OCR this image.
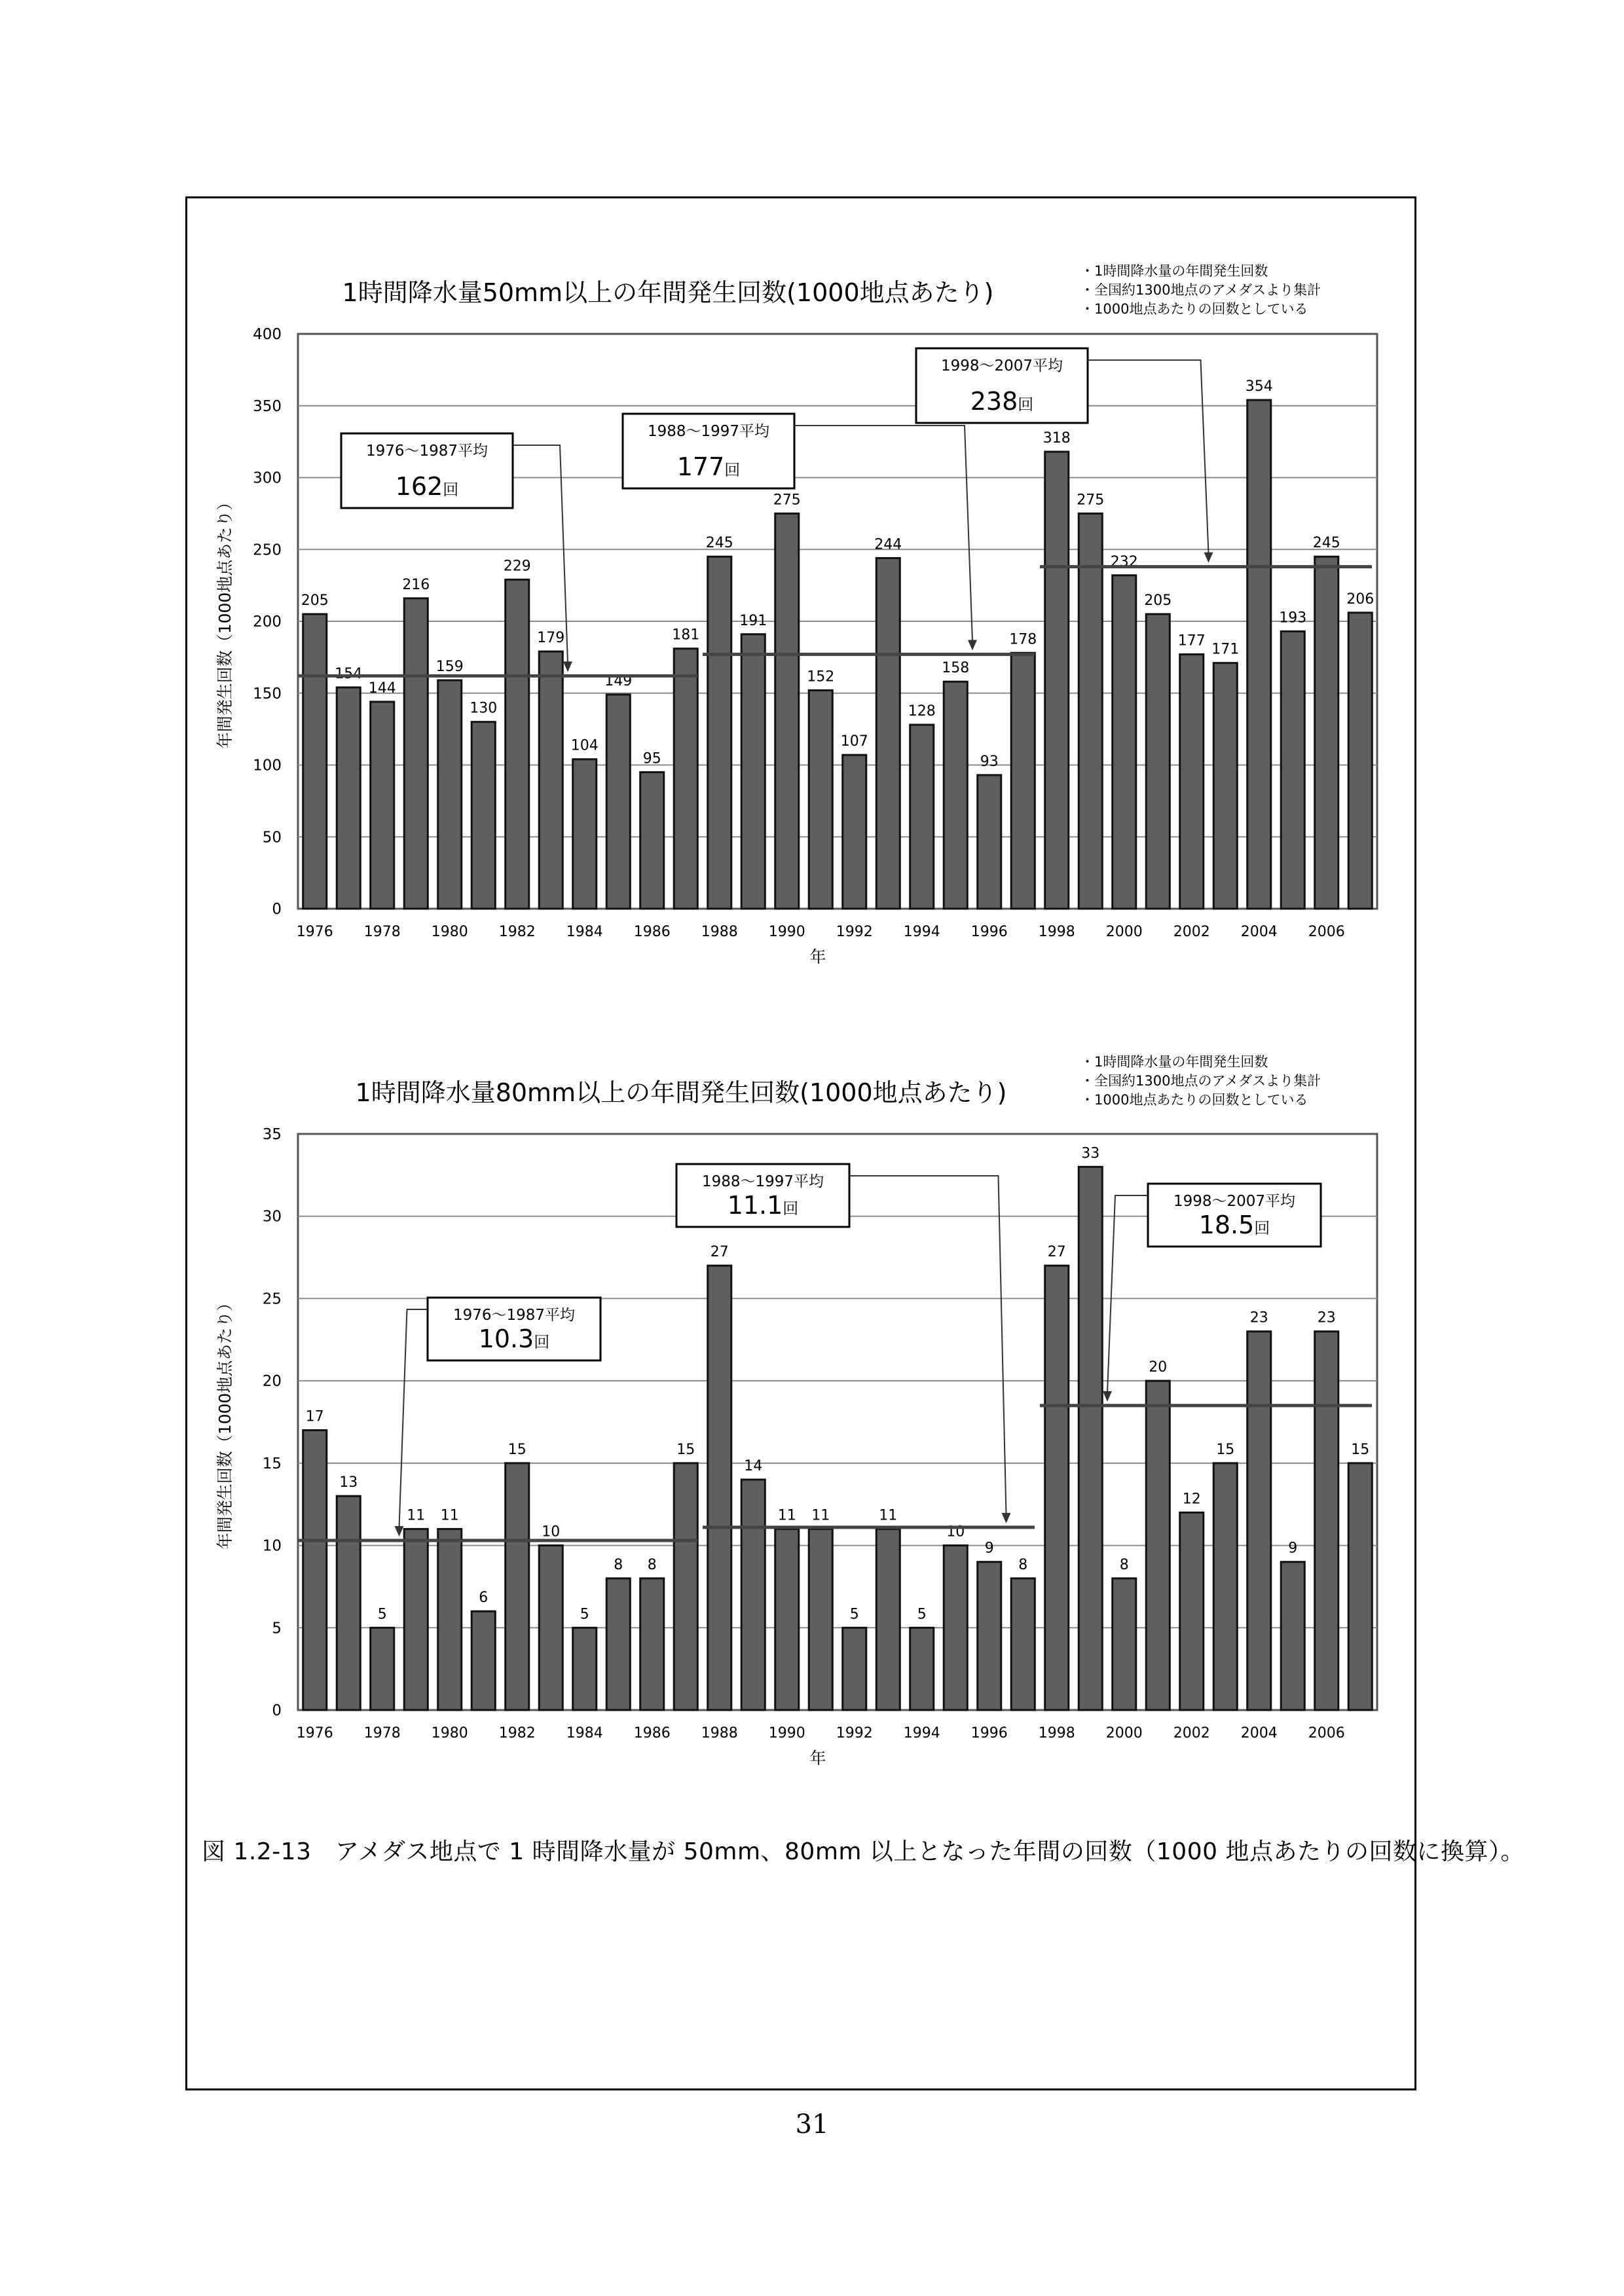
1時間降水量50mm以上の年間発生回数(1000地点あたり)
0
50
100
150
200
250
300
350
400
年間発生回数（1000地点あたり）	205
154
144
216
159
130
229
179
104
149
95
181
245
191
275
152
107
244
128
158
93
178
318
275
232
205
177
171
354
193
245
206
1976 1978 1980 1982 1984 1986 1988 1990 1992 1994 1996 1998 2000 2002 2004 2006
年
1976～1987平均
162回
1988～1997平均
177回
1998～2007平均
238回
・1時間降水量の年間発生回数
・全国約1300地点のアメダスより集計
・1000地点あたりの回数としている
1時間降水量80mm以上の年間発生回数(1000地点あたり)
0
5
10
15
20
25
30
35
年間発生回数（1000地点あたり）	17
13
5
11 11
6
15
10
5
8 8
15
27
14
11 11
5
11
5
10
9
8
27
33
8
20
12
15
23
9
23
15
1976 1978 1980 1982 1984 1986 1988 1990 1992 1994 1996 1998 2000 2002 2004 2006
年
1976～1987平均
10.3回
1988～1997平均
11.1回	1998～2007平均
18.5回
・1時間降水量の年間発生回数
・全国約1300地点のアメダスより集計
・1000地点あたりの回数としている
図 1.2-13　アメダス地点で 1 時間降水量が 50mm、80mm 以上となった年間の回数（1000 地点あたりの回数に換算）。
31
